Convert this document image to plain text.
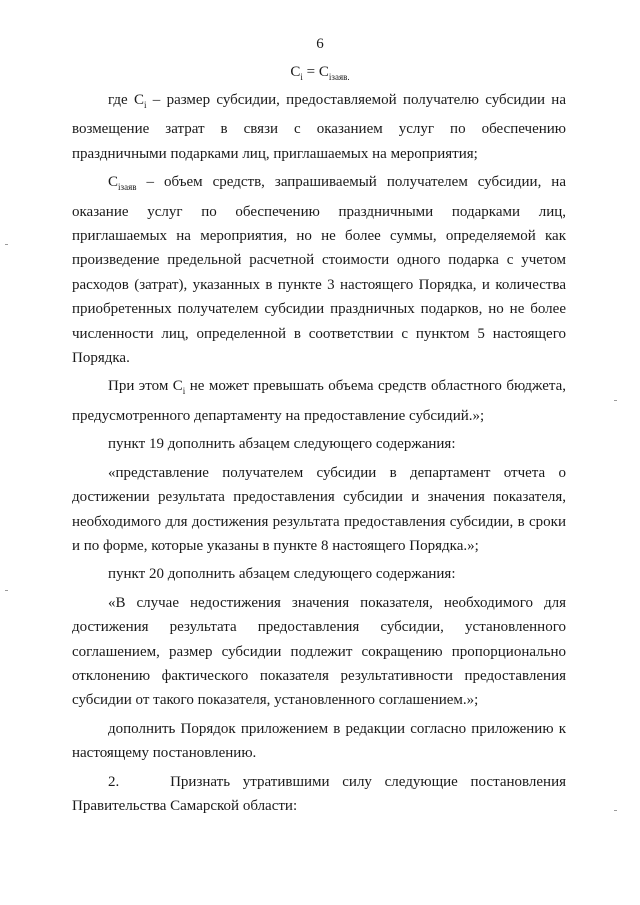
6
$C_i = C_{iзаяв.}$

где $С_i$ – размер субсидии, предоставляемой получателю субсидии на возмещение затрат в связи с оказанием услуг по обеспечению праздничными подарками лиц, приглашаемых на мероприятия;

$С_{iзаяв}$ – объем средств, запрашиваемый получателем субсидии, на оказание услуг по обеспечению праздничными подарками лиц, приглашаемых на мероприятия, но не более суммы, определяемой как произведение предельной расчетной стоимости одного подарка с учетом расходов (затрат), указанных в пункте 3 настоящего Порядка, и количества приобретенных получателем субсидии праздничных подарков, но не более численности лиц, определенной в соответствии с пунктом 5 настоящего Порядка.

При этом $С_i$ не может превышать объема средств областного бюджета, предусмотренного департаменту на предоставление субсидий.»;

пункт 19 дополнить абзацем следующего содержания:

«представление получателем субсидии в департамент отчета о достижении результата предоставления субсидии и значения показателя, необходимого для достижения результата предоставления субсидии, в сроки и по форме, которые указаны в пункте 8 настоящего Порядка.»;

пункт 20 дополнить абзацем следующего содержания:

«В случае недостижения значения показателя, необходимого для достижения результата предоставления субсидии, установленного соглашением, размер субсидии подлежит сокращению пропорционально отклонению фактического показателя результативности предоставления субсидии от такого показателя, установленного соглашением.»;

дополнить Порядок приложением в редакции согласно приложению к настоящему постановлению.

2.    Признать утратившими силу следующие постановления Правительства Самарской области:
